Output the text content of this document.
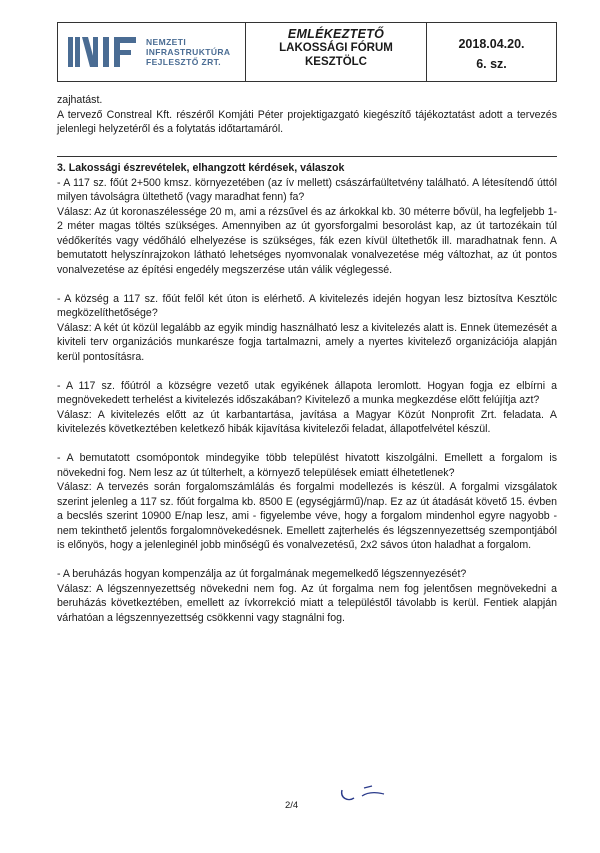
NEMZETI
INFRASTRUKTÚRA
FEJLESZTŐ ZRT.
EMLÉKEZTETŐ
LAKOSSÁGI FÓRUM
KESZTÖLC
2018.04.20.
6. sz.

zajhatást.

A tervező Constreal Kft. részéről Komjáti Péter projektigazgató kiegészítő tájékoztatást adott a tervezés jelenlegi helyzetéről és a folytatás időtartamáról.

3. Lakossági észrevételek, elhangzott kérdések, válaszok

- A 117 sz. főút 2+500 kmsz. környezetében (az ív mellett) császárfaültetvény található. A létesítendő úttól milyen távolságra ültethető (vagy maradhat fenn) fa?

Válasz: Az út koronaszélessége 20 m, ami a rézsűvel és az árkokkal kb. 30 méterre bővül, ha legfeljebb 1-2 méter magas töltés szükséges. Amennyiben az út gyorsforgalmi besorolást kap, az út tartozékain túl védőkerítés vagy védőháló elhelyezése is szükséges, fák ezen kívül ültethetők ill. maradhatnak fenn. A bemutatott helyszínrajzokon látható lehetséges nyomvonalak vonalvezetése még változhat, az út pontos vonalvezetése az építési engedély megszerzése után válik véglegessé.

- A község a 117 sz. főút felől két úton is elérhető. A kivitelezés idején hogyan lesz biztosítva Kesztölc megközelíthetősége?

Válasz: A két út közül legalább az egyik mindig használható lesz a kivitelezés alatt is. Ennek ütemezését a kiviteli terv organizációs munkarésze fogja tartalmazni, amely a nyertes kivitelező organizációja alapján kerül pontosításra.

- A 117 sz. főútról a községre vezető utak egyikének állapota leromlott. Hogyan fogja ez elbírni a megnövekedett terhelést a kivitelezés időszakában? Kivitelező a munka megkezdése előtt felújítja azt?

Válasz: A kivitelezés előtt az út karbantartása, javítása a Magyar Közút Nonprofit Zrt. feladata. A kivitelezés következtében keletkező hibák kijavítása kivitelezői feladat, állapotfelvétel készül.

- A bemutatott csomópontok mindegyike több települést hivatott kiszolgálni. Emellett a forgalom is növekedni fog. Nem lesz az út túlterhelt, a környező települések emiatt élhetetlenek?

Válasz: A tervezés során forgalomszámlálás és forgalmi modellezés is készül. A forgalmi vizsgálatok szerint jelenleg a 117 sz. főút forgalma kb. 8500 E (egységjármű)/nap. Ez az út átadását követő 15. évben a becslés szerint 10900 E/nap lesz, ami - figyelembe véve, hogy a forgalom mindenhol egyre nagyobb - nem tekinthető jelentős forgalomnövekedésnek. Emellett zajterhelés és légszennyezettség szempontjából is előnyös, hogy a jelenleginél jobb minőségű és vonalvezetésű, 2x2 sávos úton haladhat a forgalom.

- A beruházás hogyan kompenzálja az út forgalmának megemelkedő légszennyezését?

Válasz: A légszennyezettség növekedni nem fog. Az út forgalma nem fog jelentősen megnövekedni a beruházás következtében, emellett az ívkorrekció miatt a településtől távolabb is kerül. Fentiek alapján várhatóan a légszennyezettség csökkenni vagy stagnálni fog.

2/4
